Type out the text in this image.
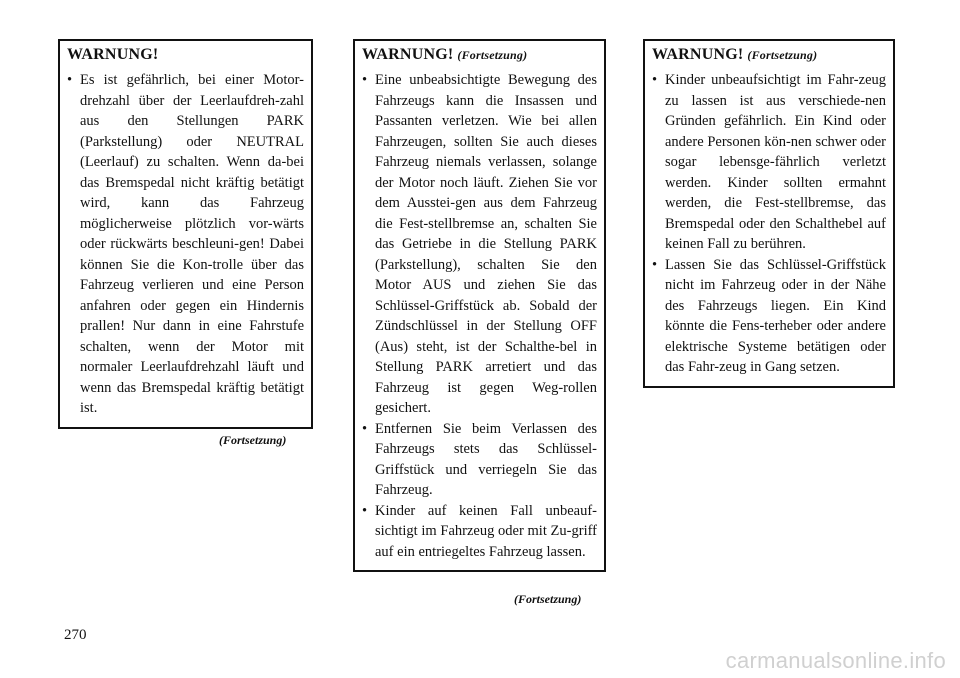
WARNUNG!
• Es ist gefährlich, bei einer Motor-drehzahl über der Leerlaufdreh-zahl aus den Stellungen PARK (Parkstellung) oder NEUTRAL (Leerlauf) zu schalten. Wenn da-bei das Bremspedal nicht kräftig betätigt wird, kann das Fahrzeug möglicherweise plötzlich vor-wärts oder rückwärts beschleuni-gen! Dabei können Sie die Kon-trolle über das Fahrzeug verlieren und eine Person anfahren oder gegen ein Hindernis prallen! Nur dann in eine Fahrstufe schalten, wenn der Motor mit normaler Leerlaufdrehzahl läuft und wenn das Bremspedal kräftig betätigt ist.
(Fortsetzung)
WARNUNG! (Fortsetzung)
• Eine unbeabsichtigte Bewegung des Fahrzeugs kann die Insassen und Passanten verletzen. Wie bei allen Fahrzeugen, sollten Sie auch dieses Fahrzeug niemals verlassen, solange der Motor noch läuft. Ziehen Sie vor dem Ausstei-gen aus dem Fahrzeug die Fest-stellbremse an, schalten Sie das Getriebe in die Stellung PARK (Parkstellung), schalten Sie den Motor AUS und ziehen Sie das Schlüssel-Griffstück ab. Sobald der Zündschlüssel in der Stellung OFF (Aus) steht, ist der Schalthe-bel in Stellung PARK arretiert und das Fahrzeug ist gegen Weg-rollen gesichert.
• Entfernen Sie beim Verlassen des Fahrzeugs stets das Schlüssel-Griffstück und verriegeln Sie das Fahrzeug.
• Kinder auf keinen Fall unbeauf-sichtigt im Fahrzeug oder mit Zu-griff auf ein entriegeltes Fahrzeug lassen.
(Fortsetzung)
WARNUNG! (Fortsetzung)
• Kinder unbeaufsichtigt im Fahr-zeug zu lassen ist aus verschiede-nen Gründen gefährlich. Ein Kind oder andere Personen kön-nen schwer oder sogar lebensge-fährlich verletzt werden. Kinder sollten ermahnt werden, die Fest-stellbremse, das Bremspedal oder den Schalthebel auf keinen Fall zu berühren.
• Lassen Sie das Schlüssel-Griffstück nicht im Fahrzeug oder in der Nähe des Fahrzeugs liegen. Ein Kind könnte die Fens-terheber oder andere elektrische Systeme betätigen oder das Fahr-zeug in Gang setzen.
270
carmanualsonline.info
